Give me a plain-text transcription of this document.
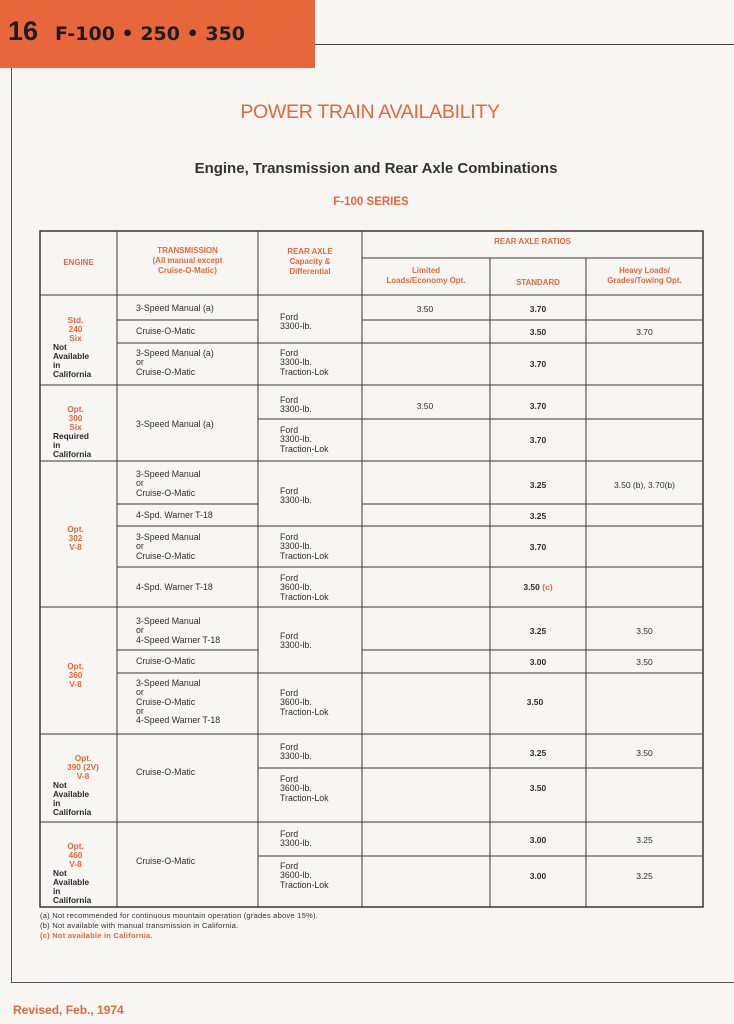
16 F-100 • 250 • 350
POWER TRAIN AVAILABILITY
Engine, Transmission and Rear Axle Combinations
F-100 SERIES
ENGINE
TRANSMISSION
(All manual except
Cruise-O-Matic)
REAR AXLE
Capacity &
Differential
REAR AXLE RATIOS
Limited
Loads/Economy Opt.	STANDARD
Heavy Loads/
Grades/Towing Opt.

Std.
240
Six
Not
Available
in
California

Opt.
300
Six
Required
in
California

Opt.
302
V-8

Opt.
360
V-8

Opt.
390 (2V)
V-8
Not
Available
in
California

Opt.
460
V-8
Not
Available
in
California

3-Speed Manual (a)
Cruise-O-Matic
3-Speed Manual (a)
or
Cruise-O-Matic
3-Speed Manual (a)
3-Speed Manual
or
Cruise-O-Matic
4-Spd. Warner T-18
3-Speed Manual
or
Cruise-O-Matic
4-Spd. Warner T-18
3-Speed Manual
or
4-Speed Warner T-18
Cruise-O-Matic
3-Speed Manual
or
Cruise-O-Matic
or
4-Speed Warner T-18
Cruise-O-Matic
Cruise-O-Matic
Ford
3300-lb.
Ford
3300-lb.
Traction-Lok
Ford
3300-lb.
Ford
3300-lb.
Traction-Lok
Ford
3300-lb.
Ford
3300-lb.
Traction-Lok
Ford
3600-lb.
Traction-Lok
Ford
3300-lb.
Ford
3600-lb.
Traction-Lok
Ford
3300-lb.
Ford
3600-lb.
Traction-Lok
Ford
3300-lb.
Ford
3600-lb.
Traction-Lok
3.50
3.50
3.70
3.50
3.70
3.70
3.70
3.25
3.25
3.70
3.50 (c)
3.25
3.00
3.50
3.25
3.50
3.00
3.00
3.70
3.50 (b), 3.70(b)
3.50
3.50
3.50
3.25
3.25
(a) Not recommended for continuous mountain operation (grades above 15%).
(b) Not available with manual transmission in California.
(c) Not available in California.
Revised, Feb., 1974
